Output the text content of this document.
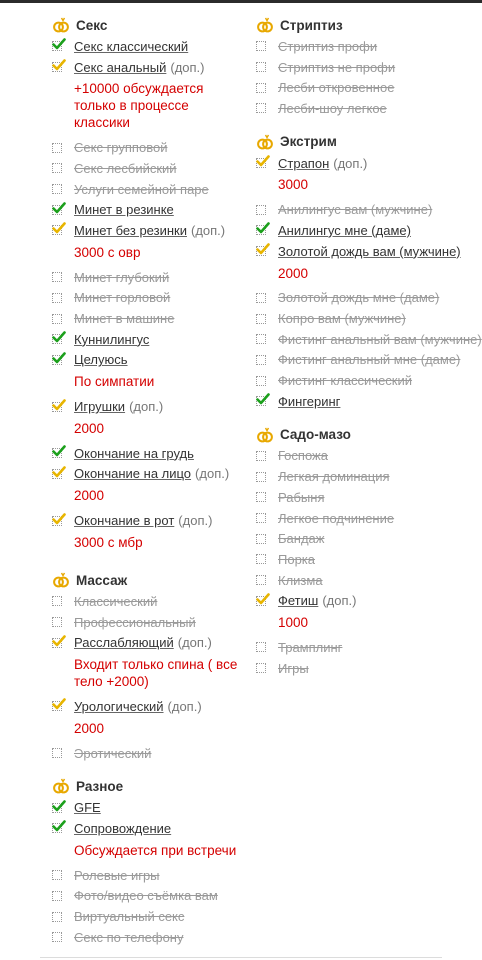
Секс
Секс классический
Секс анальный (доп.)
+10000 обсуждается только в процессе классики
Секс групповой
Секс лесбийский
Услуги семейной паре
Минет в резинке
Минет без резинки (доп.)
3000 с овр
Минет глубокий
Минет горловой
Минет в машине
Куннилингус
Целуюсь
По симпатии
Игрушки (доп.)
2000
Окончание на грудь
Окончание на лицо (доп.)
2000
Окончание в рот (доп.)
3000 с мбр
Массаж
Классический
Профессиональный
Расслабляющий (доп.)
Входит только спина ( все тело +2000)
Урологический (доп.)
2000
Эротический
Разное
GFE
Сопровождение
Обсуждается при встречи
Ролевые игры
Фото/видео съёмка вам
Виртуальный секс
Секс по телефону
Стриптиз
Стриптиз профи
Стриптиз не профи
Лесби откровенное
Лесби-шоу легкое
Экстрим
Страпон (доп.)
3000
Анилингус вам (мужчине)
Анилингус мне (даме)
Золотой дождь вам (мужчине)
2000
Золотой дождь мне (даме)
Копро вам (мужчине)
Фистинг анальный вам (мужчине)
Фистинг анальный мне (даме)
Фистинг классический
Фингеринг
Садо-мазо
Госпожа
Легкая доминация
Рабыня
Легкое подчинение
Бандаж
Порка
Клизма
Фетиш (доп.)
1000
Трамплинг
Игры
